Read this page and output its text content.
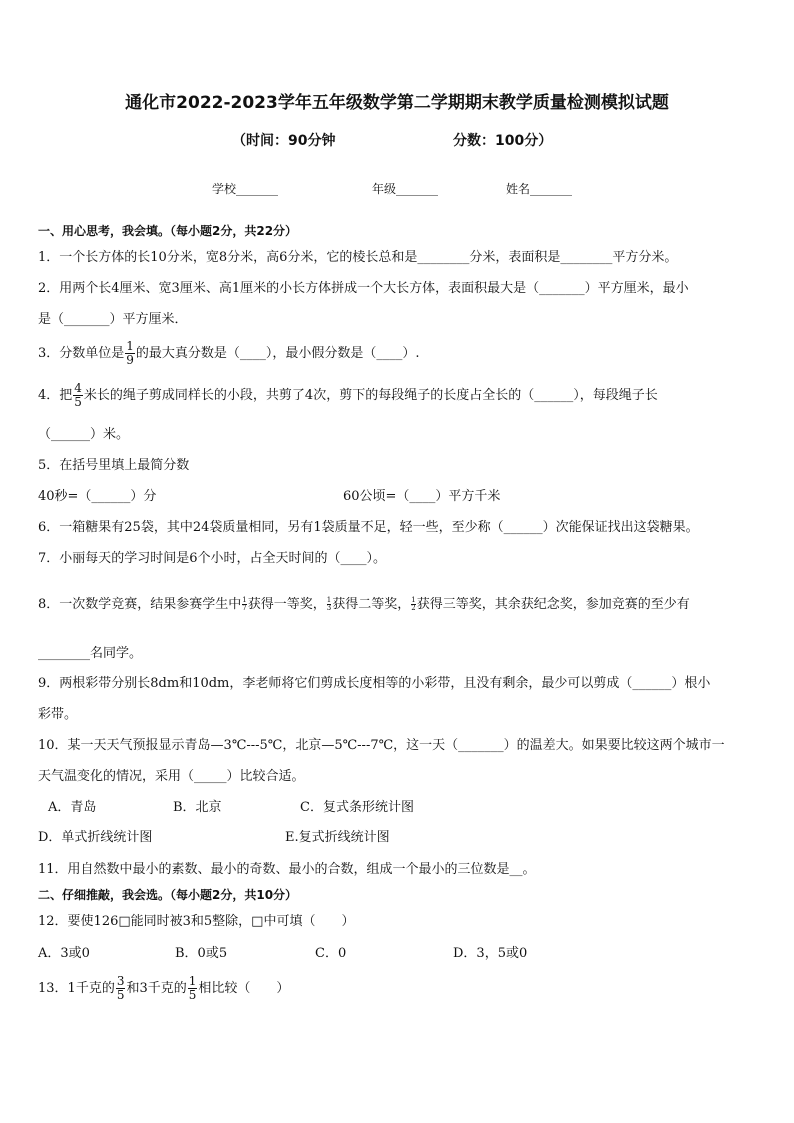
通化市2022-2023学年五年级数学第二学期期末教学质量检测模拟试题
（时间：90分钟	分数：100分）
学校_______	年级_______	姓名_______
一、用心思考，我会填。（每小题2分，共22分）
1．一个长方体的长10分米，宽8分米，高6分米，它的棱长总和是________分米，表面积是________平方分米。
2．用两个长4厘米、宽3厘米、高1厘米的小长方体拼成一个大长方体，表面积最大是（_______）平方厘米，最小
是（_______）平方厘米．
3．分数单位是 $\frac{1}{9}$ 的最大真分数是（____），最小假分数是（____）.
4．把 $\frac{4}{5}$ 米长的绳子剪成同样长的小段，共剪了4次，剪下的每段绳子的长度占全长的（______），每段绳子长
（______）米。
5．在括号里填上最简分数
40秒=（______）分	60公顷=（____）平方千米
6．一箱糖果有25袋，其中24袋质量相同，另有1袋质量不足，轻一些，至少称（______）次能保证找出这袋糖果。
7．小丽每天的学习时间是6个小时，占全天时间的（____）。
8．一次数学竞赛，结果参赛学生中 $\frac{1}{7}$ 获得一等奖， $\frac{1}{3}$ 获得二等奖， $\frac{1}{2}$ 获得三等奖，其余获纪念奖，参加竞赛的至少有
________名同学。
9．两根彩带分别长8dm和10dm，李老师将它们剪成长度相等的小彩带，且没有剩余，最少可以剪成（______）根小
彩带。
10．某一天天气预报显示青岛—3℃---5℃，北京—5℃---7℃，这一天（_______）的温差大。如果要比较这两个城市一
天气温变化的情况，采用（_____）比较合适。
A．青岛	B．北京	C．复式条形统计图
D．单式折线统计图	E.复式折线统计图
11．用自然数中最小的素数、最小的奇数、最小的合数，组成一个最小的三位数是__。
二、仔细推敲，我会选。（每小题2分，共10分）
12．要使126□能同时被3和5整除，□中可填（　　）
A．3或0	B．0或5	C．0	D．3，5或0
13．1千克的 $\frac{3}{5}$ 和3千克的 $\frac{1}{5}$ 相比较（　　）
